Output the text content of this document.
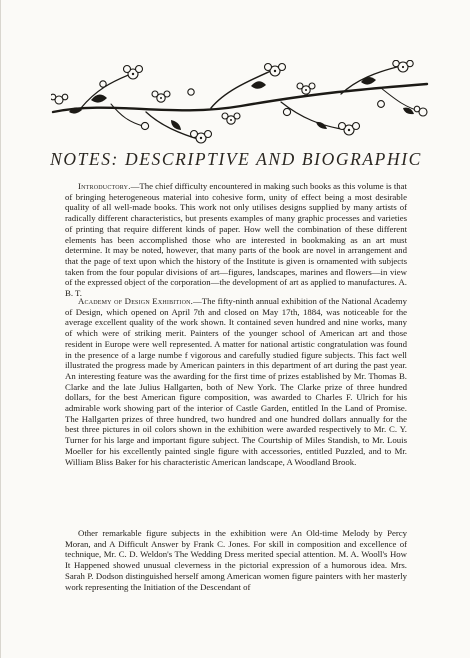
NOTES: DESCRIPTIVE AND BIOGRAPHIC

Introductory.—The chief difficulty encountered in making such books as this volume is that of bringing heterogeneous material into cohesive form, unity of effect being a most desirable quality of all well-made books. This work not only utilises designs supplied by many artists of radically different characteristics, but presents examples of many graphic processes and varieties of printing that require different kinds of paper. How well the combination of these different elements has been accomplished those who are interested in bookmaking as an art must determine. It may be noted, however, that many parts of the book are novel in arrangement and that the page of text upon which the history of the Institute is given is ornamented with subjects taken from the four popular divisions of art—figures, landscapes, marines and flowers—in view of the expressed object of the corporation—the development of art as applied to manufactures. A. B. T.

Academy of Design Exhibition.—The fifty-ninth annual exhibition of the National Academy of Design, which opened on April 7th and closed on May 17th, 1884, was noticeable for the average excellent quality of the work shown. It contained seven hundred and nine works, many of which were of striking merit. Painters of the younger school of American art and those resident in Europe were well represented. A matter for national artistic congratulation was found in the presence of a large numbe f vigorous and carefully studied figure subjects. This fact well illustrated the progress made by American painters in this department of art during the past year. An interesting feature was the awarding for the first time of prizes established by Mr. Thomas B. Clarke and the late Julius Hallgarten, both of New York. The Clarke prize of three hundred dollars, for the best American figure composition, was awarded to Charles F. Ulrich for his admirable work showing part of the interior of Castle Garden, entitled In the Land of Promise. The Hallgarten prizes of three hundred, two hundred and one hundred dollars annually for the best three pictures in oil colors shown in the exhibition were awarded respectively to Mr. C. Y. Turner for his large and important figure subject. The Courtship of Miles Standish, to Mr. Louis Moeller for his excellently painted single figure with accessories, entitled Puzzled, and to Mr. William Bliss Baker for his characteristic American landscape, A Woodland Brook.

Other remarkable figure subjects in the exhibition were An Old-time Melody by Percy Moran, and A Difficult Answer by Frank C. Jones. For skill in composition and excellence of technique, Mr. C. D. Weldon's The Wedding Dress merited special attention. M. A. Wooll's How It Happened showed unusual cleverness in the pictorial expression of a humorous idea. Mrs. Sarah P. Dodson distinguished herself among American women figure painters with her masterly work representing the Initiation of the Descendant of
